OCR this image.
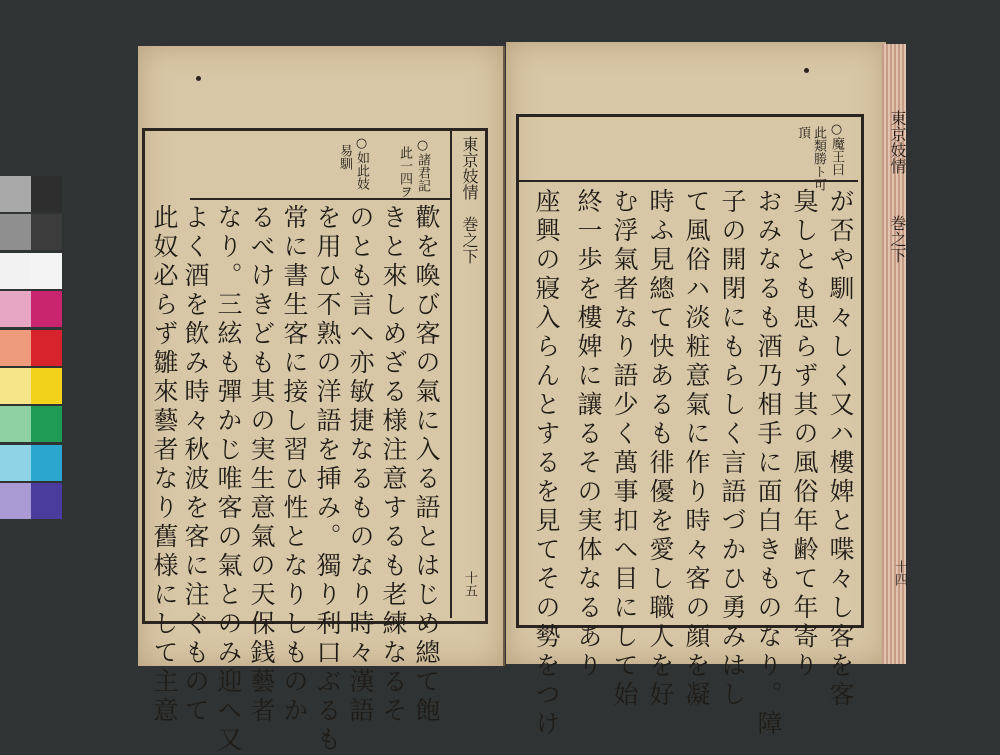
東京妓情
巻之下
十五
○諸君記
此一四ヲ
○如此妓
易馴
歡を喚び客の氣に入る語とはじめ總て飽
きと來しめざる様注意するも老練なるそ
のとも言へ亦敏捷なるものなり時々漢語
を用ひ不熟の洋語を挿み。獨り利口ぶるも
常に書生客に接し習ひ性となりしものか
るべけきども其の実生意氣の天保銭藝者
なり。三絃も彈かじ唯客の氣とのみ迎へ又
よく酒を飲み時々秋波を客に注ぐものて
此奴必らず雛來藝者なり舊様にして主意
○魔王曰
此類勝ト可
頂
が否や馴々しく又ハ樓婢と喋々し客を客
臭しとも思らず其の風俗年齢て年寄り
おみなるも酒乃相手に面白きものなり。障
子の開閉にもらしく言語づかひ勇みはし
て風俗ハ淡粧意氣に作り時々客の顔を凝
時ふ見總て快あるも徘優を愛し職人を好
む浮氣者なり語少く萬事扣へ目にして始
終一歩を樓婢に讓るその実体なるあり
座興の寢入らんとするを見てその勢をつけ
東京妓情
巻之下
十四
